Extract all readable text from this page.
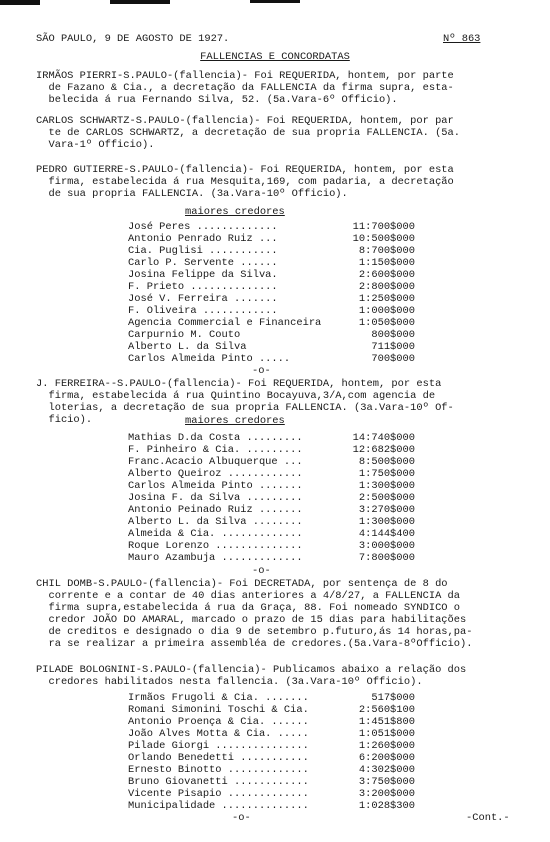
SÃO PAULO, 9 DE AGOSTO DE 1927.	Nº 863
FALLENCIAS E CONCORDATAS
IRMÃOS PIERRI-S.PAULO-(fallencia)- Foi REQUERIDA, hontem, por parte
de Fazano & Cia., a decretação da FALLENCIA da firma supra, esta-
belecida á rua Fernando Silva, 52. (5a.Vara-6º Officio).
CARLOS SCHWARTZ-S.PAULO-(fallencia)- Foi REQUERIDA, hontem, por par
te de CARLOS SCHWARTZ, a decretação de sua propria FALLENCIA. (5a.
Vara-1º Officio).
PEDRO GUTIERRE-S.PAULO-(fallencia)- Foi REQUERIDA, hontem, por esta
firma, estabelecida á rua Mesquita,169, com padaria, a decretação
de sua propria FALLENCIA. (3a.Vara-10º Officio).
maiores credores
José Peres .............	11:700$000
Antonio Penrado Ruiz ...	10:500$000
Cia. Puglisi ...........	8:700$000
Carlo P. Servente ......	1:150$000
Josina Felippe da Silva.	2:600$000
F. Prieto ..............	2:800$000
José V. Ferreira .......	1:250$000
F. Oliveira ............	1:000$000
Agencia Commercial e Financeira	1:050$000
Carpurnio M. Couto	800$000
Alberto L. da Silva	711$000
Carlos Almeida Pinto .....	700$000
-o-
J. FERREIRA--S.PAULO-(fallencia)- Foi REQUERIDA, hontem, por esta
firma, estabelecida á rua Quintino Bocayuva,3/A,com agencia de
loterias, a decretação de sua propria FALLENCIA. (3a.Vara-10º Of-
ficio).	maiores credores
Mathias D.da Costa .........	14:740$000
F. Pinheiro & Cia. .........	12:682$000
Franc.Acacio Albuquerque ...	8:500$000
Alberto Queiroz ............	1:750$000
Carlos Almeida Pinto .......	1:300$000
Josina F. da Silva .........	2:500$000
Antonio Peinado Ruiz .......	3:270$000
Alberto L. da Silva ........	1:300$000
Almeida & Cia. .............	4:144$400
Roque Lorenzo ..............	3:000$000
Mauro Azambuja .............	7:800$000
-o-
CHIL DOMB-S.PAULO-(fallencia)- Foi DECRETADA, por sentença de 8 do
corrente e a contar de 40 dias anteriores a 4/8/27, a FALLENCIA da
firma supra,estabelecida á rua da Graça, 88. Foi nomeado SYNDICO o
credor JOÃO DO AMARAL, marcado o prazo de 15 dias para habilitações
de creditos e designado o dia 9 de setembro p.futuro,ás 14 horas,pa-
ra se realizar a primeira assembléa de credores.(5a.Vara-8ºOfficio).
PILADE BOLOGNINI-S.PAULO-(fallencia)- Publicamos abaixo a relação dos
credores habilitados nesta fallencia. (3a.Vara-10º Officio).
Irmãos Frugoli & Cia. .......	517$000
Romani Simonini Toschi & Cia.	2:560$100
Antonio Proença & Cia. ......	1:451$800
João Alves Motta & Cia. .....	1:051$000
Pilade Giorgi ...............	1:260$000
Orlando Benedetti ...........	6:200$000
Ernesto Binotto .............	4:302$000
Bruno Giovanetti ............	3:750$000
Vicente Pisapio .............	3:200$000
Municipalidade ..............	1:028$300
-o-	-Cont.-
